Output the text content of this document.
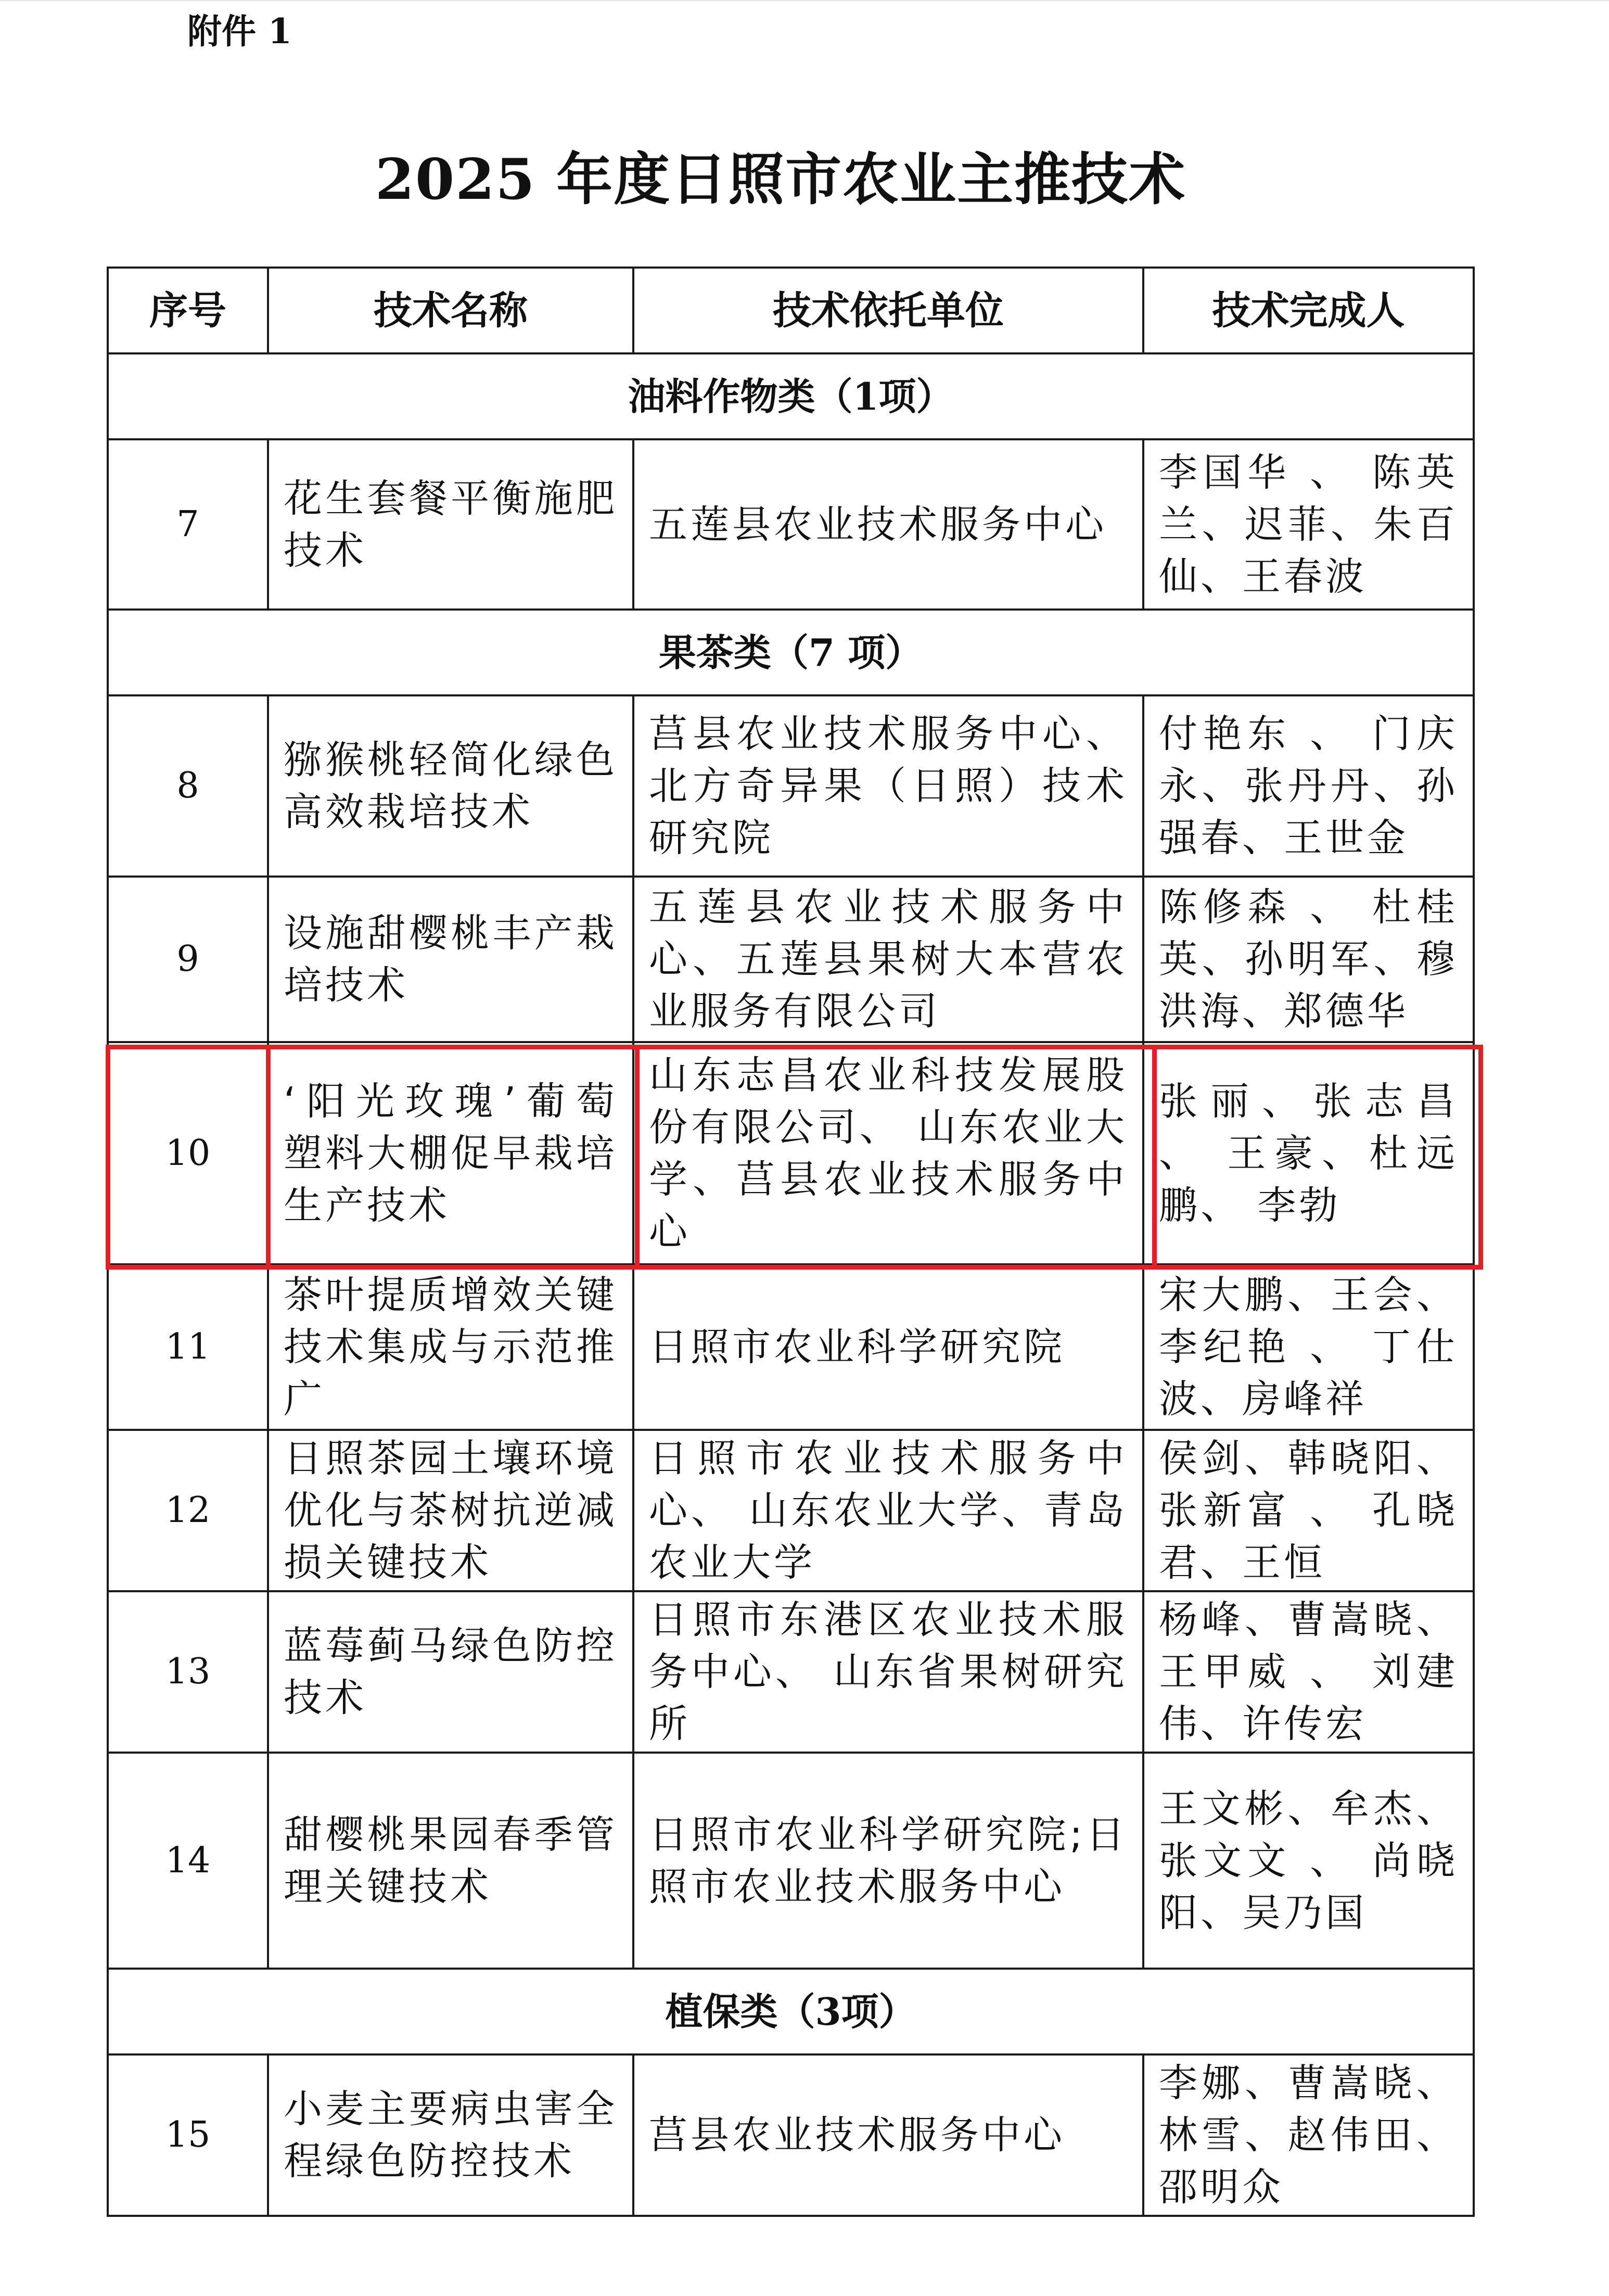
附件 1
2025 年度日照市农业主推技术
序号	技术名称	技术依托单位	技术完成人
油料作物类（1项）			
7	花生套餐平衡施肥技术	五莲县农业技术服务中心	李国华 、 陈英兰、迟菲、朱百仙、王春波
果茶类（7 项）			
8	猕猴桃轻简化绿色高效栽培技术	莒县农业技术服务中心、北方奇异果（日照）技术研究院	付艳东 、 门庆永、张丹丹、孙强春、王世金
9	设施甜樱桃丰产栽培技术	五莲县农业技术服务中心、五莲县果树大本营农业服务有限公司	陈修森 、 杜桂英、孙明军、穆洪海、郑德华
10	‘阳光玫瑰’葡萄 塑料大棚促早栽培 生产技术	山东志昌农业科技发展股 份有限公司、 山东农业大 学、莒县农业技术服务中 心	张丽、张志昌 、 王豪、杜远鹏、 李勃
11	茶叶提质增效关键技术集成与示范推广	日照市农业科学研究院	宋大鹏、王会、李纪艳 、 丁仕波、房峰祥
12	日照茶园土壤环境优化与茶树抗逆减损关键技术	日照市农业技术服务中心、 山东农业大学、青岛农业大学	侯剑、韩晓阳、张新富 、 孔晓君、王恒
13	蓝莓蓟马绿色防控技术	日照市东港区农业技术服务中心、 山东省果树研究所	杨峰、曹嵩晓、王甲威 、 刘建伟、许传宏
14	甜樱桃果园春季管理关键技术	日照市农业科学研究院;日照市农业技术服务中心	王文彬、牟杰、张文文 、 尚晓阳、吴乃国
植保类（3项）			
15	小麦主要病虫害全程绿色防控技术	莒县农业技术服务中心	李娜、曹嵩晓、林雪、赵伟田、邵明众
